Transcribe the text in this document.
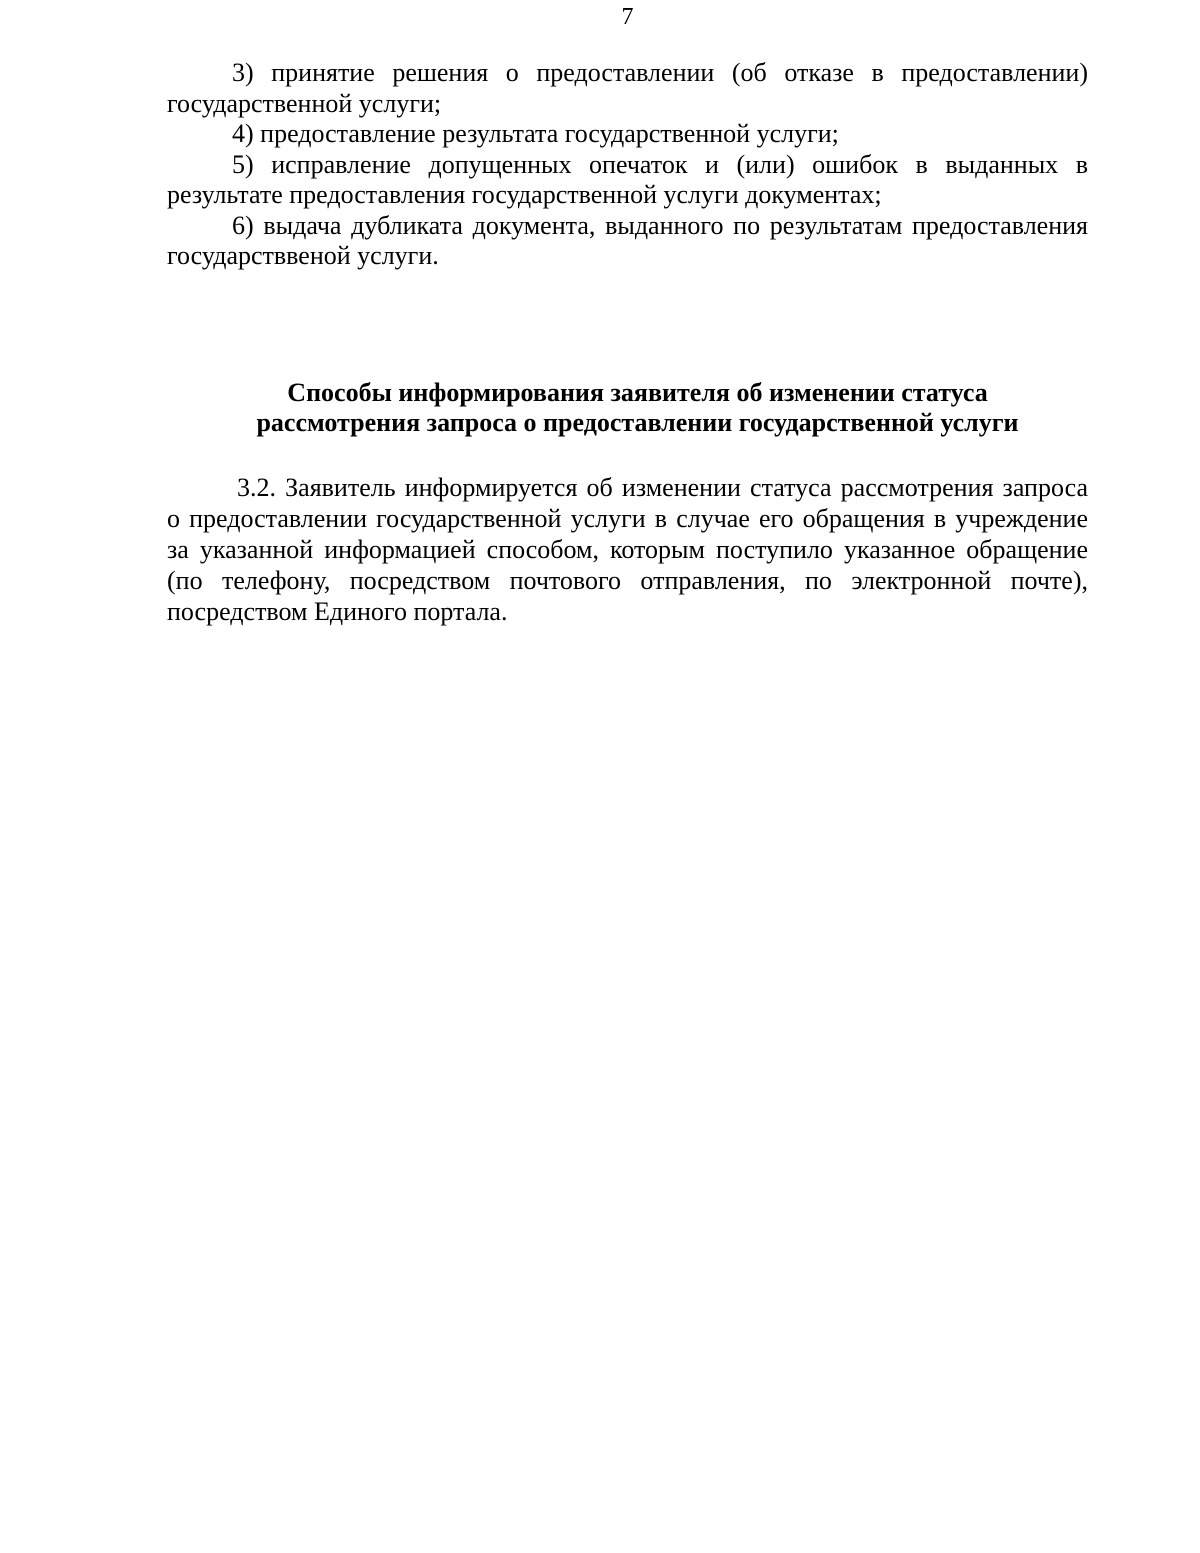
7

3) принятие решения о предоставлении (об отказе в предоставлении) государственной услуги;

4) предоставление результата государственной услуги;

5) исправление допущенных опечаток и (или) ошибок в выданных в результате предоставления государственной услуги документах;

6) выдача дубликата документа, выданного по результатам предоставления государстввеной услуги.

Способы информирования заявителя об изменении статуса
рассмотрения запроса о предоставлении государственной услуги

3.2. Заявитель информируется об изменении статуса рассмотрения запроса о предоставлении государственной услуги в случае его обращения в учреждение за указанной информацией способом, которым поступило указанное обращение (по телефону, посредством почтового отправления, по электронной почте), посредством Единого портала.
